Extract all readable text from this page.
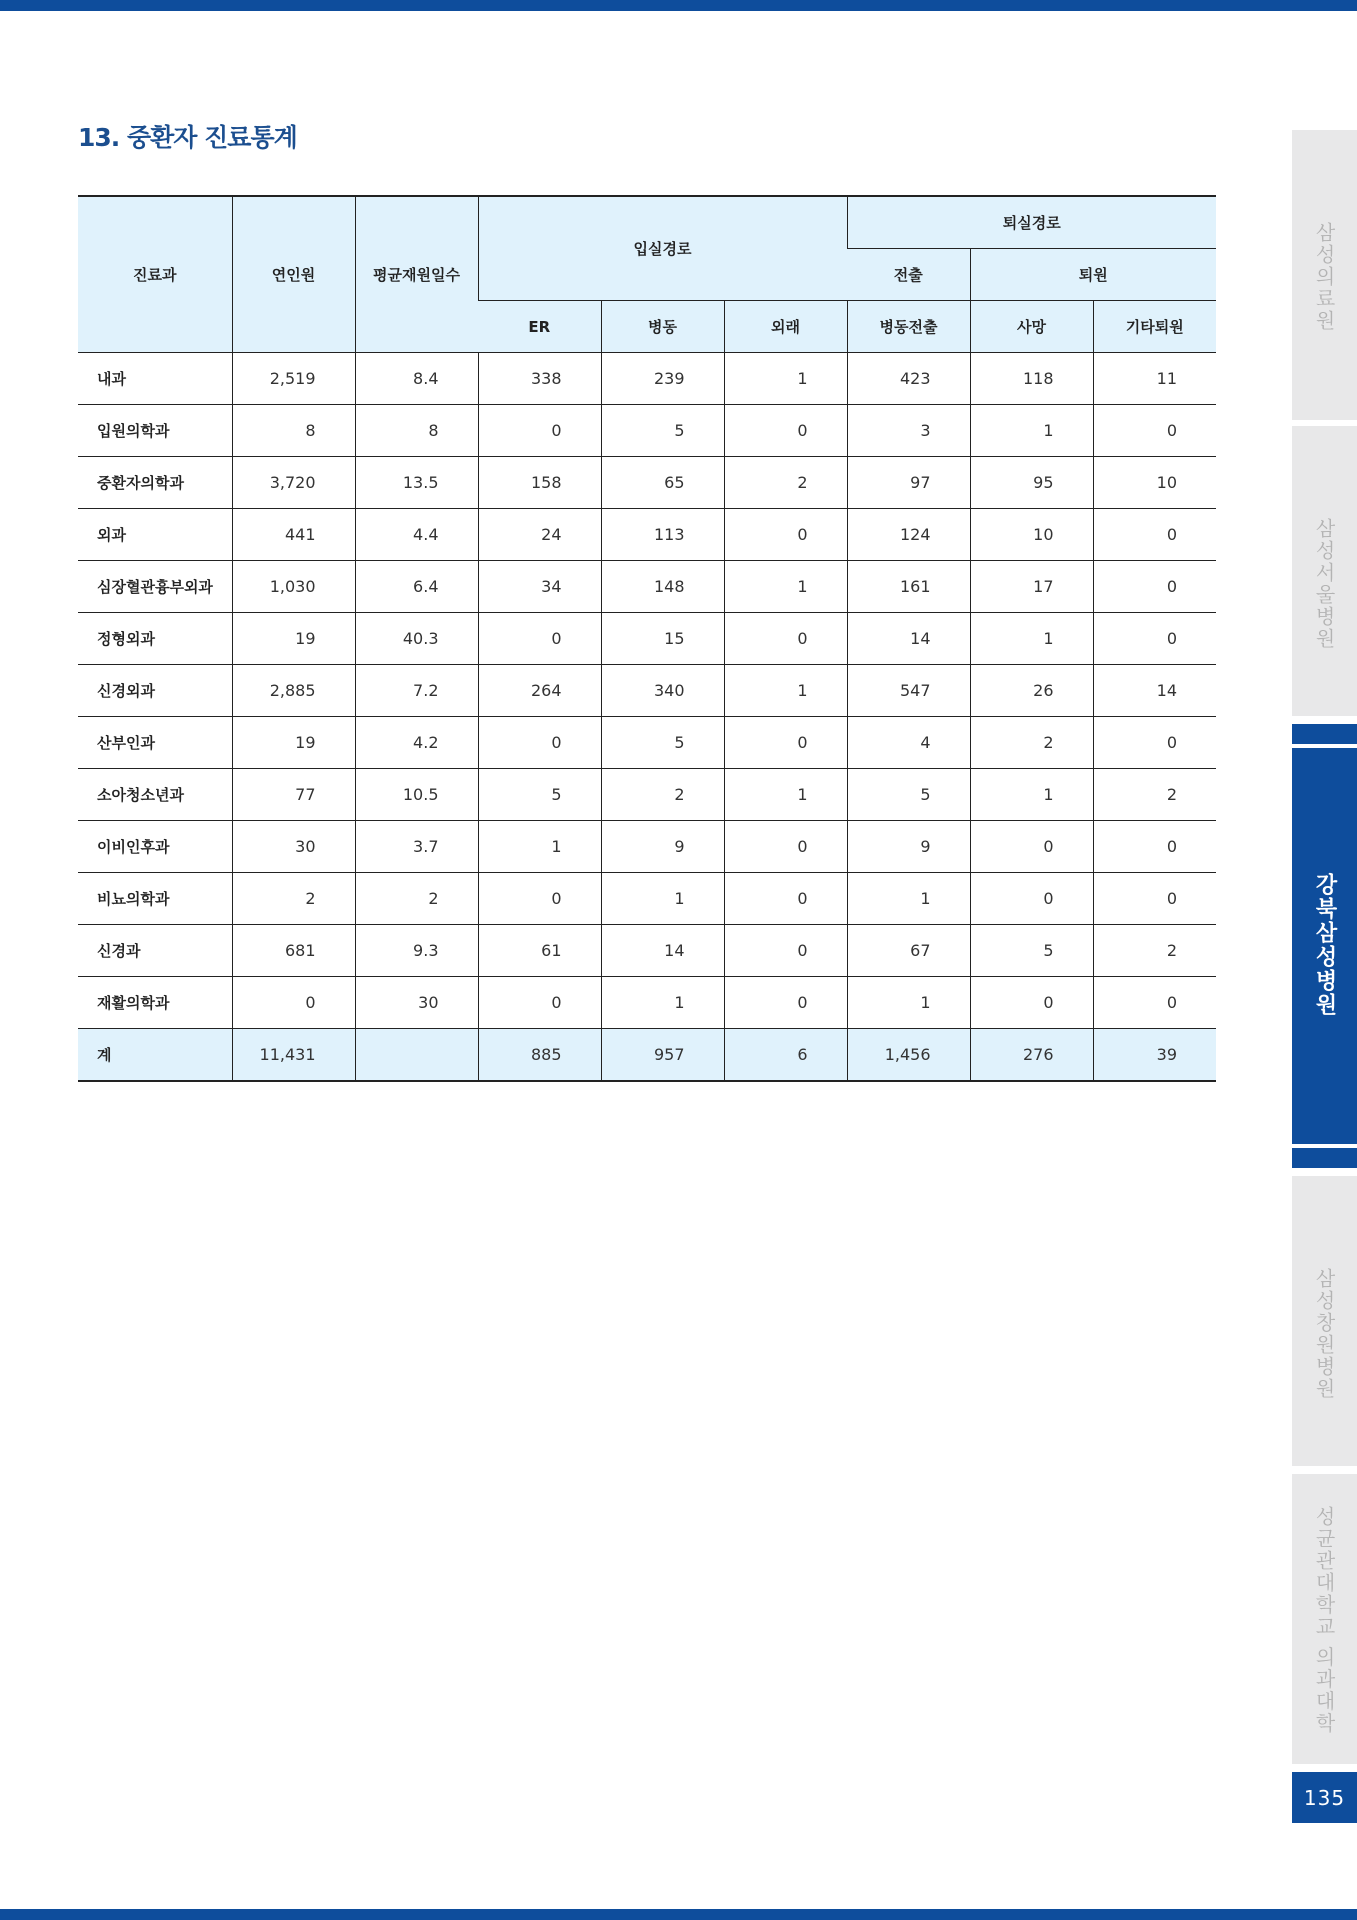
13. 중환자 진료통계
진료과	연인원	평균재원일수	입실경로			퇴실경로		
						전출	퇴원	
			ER	병동	외래	병동전출	사망	기타퇴원
내과	2,519	8.4	338	239	1	423	118	11
입원의학과	8	8	0	5	0	3	1	0
중환자의학과	3,720	13.5	158	65	2	97	95	10
외과	441	4.4	24	113	0	124	10	0
심장혈관흉부외과	1,030	6.4	34	148	1	161	17	0
정형외과	19	40.3	0	15	0	14	1	0
신경외과	2,885	7.2	264	340	1	547	26	14
산부인과	19	4.2	0	5	0	4	2	0
소아청소년과	77	10.5	5	2	1	5	1	2
이비인후과	30	3.7	1	9	0	9	0	0
비뇨의학과	2	2	0	1	0	1	0	0
신경과	681	9.3	61	14	0	67	5	2
재활의학과	0	30	0	1	0	1	0	0
계	11,431		885	957	6	1,456	276	39
삼성의료원
삼성서울병원
강북삼성병원
삼성창원병원
성균관대학교 의과대학
135
